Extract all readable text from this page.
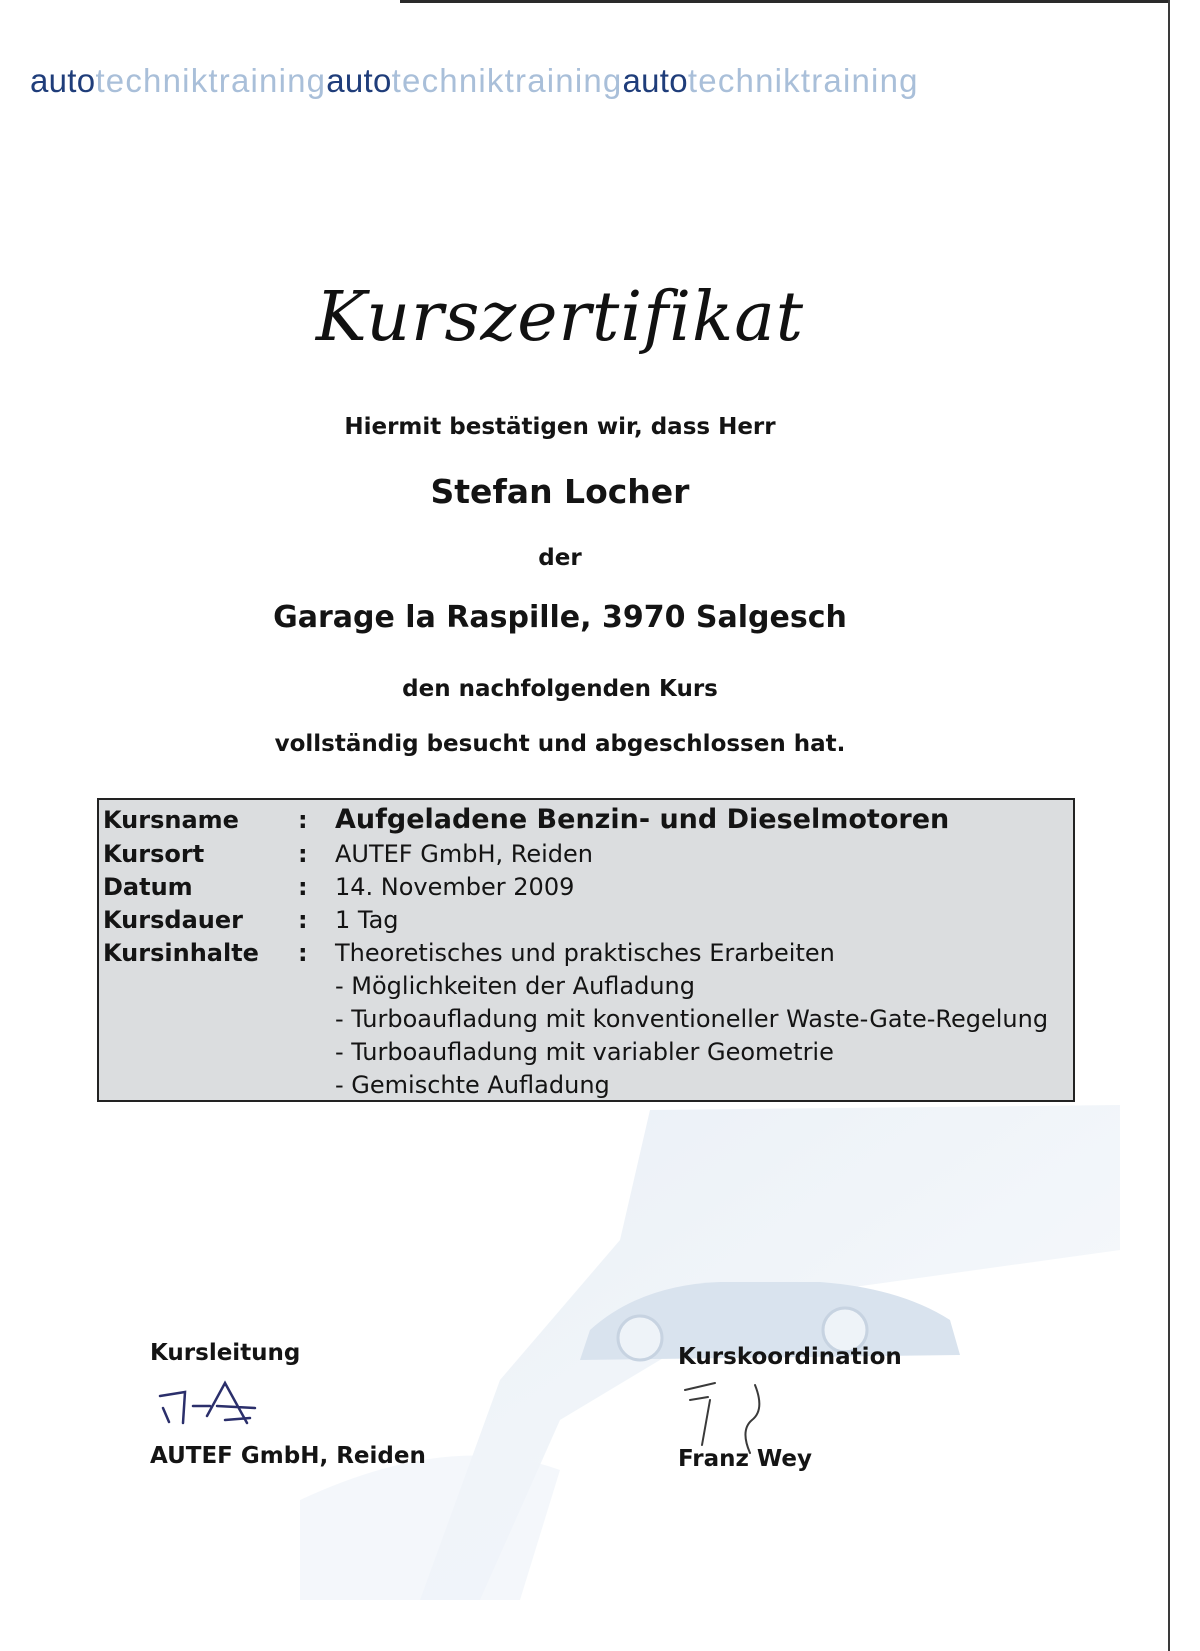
autotechniktrainingautotechniktrainingautotechniktraining
Kurszertifikat
Hiermit bestätigen wir, dass Herr
Stefan Locher
der
Garage la Raspille, 3970 Salgesch
den nachfolgenden Kurs
vollständig besucht und abgeschlossen hat.
Kursname	: Aufgeladene Benzin- und Dieselmotoren
Kursort	: AUTEF GmbH, Reiden
Datum	: 14. November 2009
Kursdauer	: 1 Tag
Kursinhalte	: Theoretisches und praktisches Erarbeiten
- Möglichkeiten der Aufladung
- Turboaufladung mit konventioneller Waste-Gate-Regelung
- Turboaufladung mit variabler Geometrie
- Gemischte Aufladung
Kursleitung
AUTEF GmbH, Reiden
Kurskoordination
Franz Wey
